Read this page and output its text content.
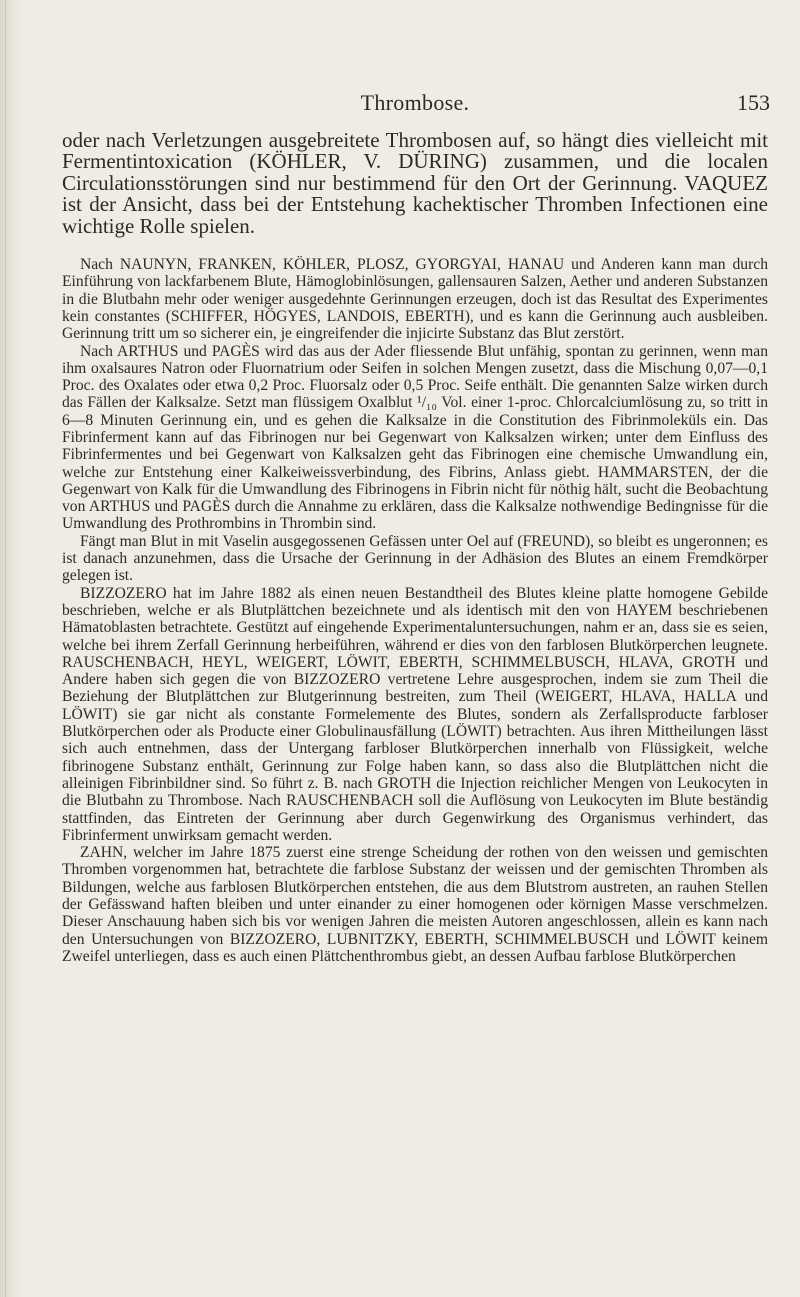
Thrombose.	153

oder nach Verletzungen ausgebreitete Thrombosen auf, so hängt dies vielleicht mit Fermentintoxication (KÖHLER, V. DÜRING) zusammen, und die localen Circulationsstörungen sind nur bestimmend für den Ort der Gerinnung. VAQUEZ ist der Ansicht, dass bei der Entstehung kachektischer Thromben Infectionen eine wichtige Rolle spielen.

Nach NAUNYN, FRANKEN, KÖHLER, PLOSZ, GYORGYAI, HANAU und Anderen kann man durch Einführung von lackfarbenem Blute, Hämoglobinlösungen, gallensauren Salzen, Aether und anderen Substanzen in die Blutbahn mehr oder weniger ausgedehnte Gerinnungen erzeugen, doch ist das Resultat des Experimentes kein constantes (SCHIFFER, HÖGYES, LANDOIS, EBERTH), und es kann die Gerinnung auch ausbleiben. Gerinnung tritt um so sicherer ein, je eingreifender die injicirte Substanz das Blut zerstört.

Nach ARTHUS und PAGÈS wird das aus der Ader fliessende Blut unfähig, spontan zu gerinnen, wenn man ihm oxalsaures Natron oder Fluornatrium oder Seifen in solchen Mengen zusetzt, dass die Mischung 0,07—0,1 Proc. des Oxalates oder etwa 0,2 Proc. Fluorsalz oder 0,5 Proc. Seife enthält. Die genannten Salze wirken durch das Fällen der Kalksalze. Setzt man flüssigem Oxalblut ¹/₁₀ Vol. einer 1-proc. Chlorcalciumlösung zu, so tritt in 6—8 Minuten Gerinnung ein, und es gehen die Kalksalze in die Constitution des Fibrinmoleküls ein. Das Fibrinferment kann auf das Fibrinogen nur bei Gegenwart von Kalksalzen wirken; unter dem Einfluss des Fibrinfermentes und bei Gegenwart von Kalksalzen geht das Fibrinogen eine chemische Umwandlung ein, welche zur Entstehung einer Kalkeiweissverbindung, des Fibrins, Anlass giebt. HAMMARSTEN, der die Gegenwart von Kalk für die Umwandlung des Fibrinogens in Fibrin nicht für nöthig hält, sucht die Beobachtung von ARTHUS und PAGÈS durch die Annahme zu erklären, dass die Kalksalze nothwendige Bedingnisse für die Umwandlung des Prothrombins in Thrombin sind.

Fängt man Blut in mit Vaselin ausgegossenen Gefässen unter Oel auf (FREUND), so bleibt es ungeronnen; es ist danach anzunehmen, dass die Ursache der Gerinnung in der Adhäsion des Blutes an einem Fremdkörper gelegen ist.

BIZZOZERO hat im Jahre 1882 als einen neuen Bestandtheil des Blutes kleine platte homogene Gebilde beschrieben, welche er als Blutplättchen bezeichnete und als identisch mit den von HAYEM beschriebenen Hämatoblasten betrachtete. Gestützt auf eingehende Experimentaluntersuchungen, nahm er an, dass sie es seien, welche bei ihrem Zerfall Gerinnung herbeiführen, während er dies von den farblosen Blutkörperchen leugnete. RAUSCHENBACH, HEYL, WEIGERT, LÖWIT, EBERTH, SCHIMMELBUSCH, HLAVA, GROTH und Andere haben sich gegen die von BIZZOZERO vertretene Lehre ausgesprochen, indem sie zum Theil die Beziehung der Blutplättchen zur Blutgerinnung bestreiten, zum Theil (WEIGERT, HLAVA, HALLA und LÖWIT) sie gar nicht als constante Formelemente des Blutes, sondern als Zerfallsproducte farbloser Blutkörperchen oder als Producte einer Globulinausfällung (LÖWIT) betrachten. Aus ihren Mittheilungen lässt sich auch entnehmen, dass der Untergang farbloser Blutkörperchen innerhalb von Flüssigkeit, welche fibrinogene Substanz enthält, Gerinnung zur Folge haben kann, so dass also die Blutplättchen nicht die alleinigen Fibrinbildner sind. So führt z. B. nach GROTH die Injection reichlicher Mengen von Leukocyten in die Blutbahn zu Thrombose. Nach RAUSCHENBACH soll die Auflösung von Leukocyten im Blute beständig stattfinden, das Eintreten der Gerinnung aber durch Gegenwirkung des Organismus verhindert, das Fibrinferment unwirksam gemacht werden.

ZAHN, welcher im Jahre 1875 zuerst eine strenge Scheidung der rothen von den weissen und gemischten Thromben vorgenommen hat, betrachtete die farblose Substanz der weissen und der gemischten Thromben als Bildungen, welche aus farblosen Blutkörperchen entstehen, die aus dem Blutstrom austreten, an rauhen Stellen der Gefässwand haften bleiben und unter einander zu einer homogenen oder körnigen Masse verschmelzen. Dieser Anschauung haben sich bis vor wenigen Jahren die meisten Autoren angeschlossen, allein es kann nach den Untersuchungen von BIZZOZERO, LUBNITZKY, EBERTH, SCHIMMELBUSCH und LÖWIT keinem Zweifel unterliegen, dass es auch einen Plättchenthrombus giebt, an dessen Aufbau farblose Blutkörperchen
